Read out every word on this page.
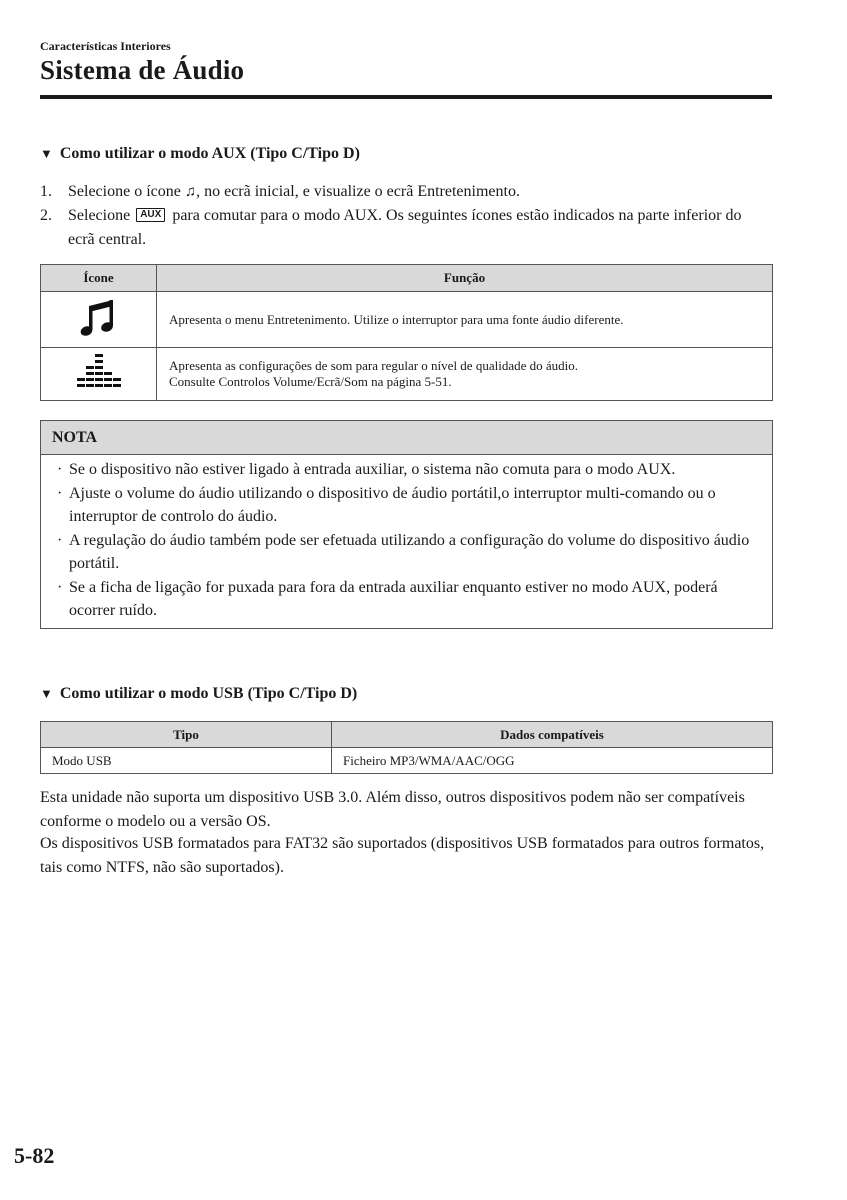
Características Interiores
Sistema de Áudio
▼ Como utilizar o modo AUX (Tipo C/Tipo D)
1.	Selecione o ícone ♫, no ecrã inicial, e visualize o ecrã Entretenimento.
2.	Selecione AUX para comutar para o modo AUX. Os seguintes ícones estão indicados na parte inferior do ecrã central.
Ícone	Função
	Apresenta o menu Entretenimento. Utilize o interruptor para uma fonte áudio diferente.

Apresenta as configurações de som para regular o nível de qualidade do áudio.
Consulte Controlos Volume/Ecrã/Som na página 5-51.
NOTA
· Se o dispositivo não estiver ligado à entrada auxiliar, o sistema não comuta para o modo AUX.
· Ajuste o volume do áudio utilizando o dispositivo de áudio portátil,o interruptor multi-comando ou o interruptor de controlo do áudio.
· A regulação do áudio também pode ser efetuada utilizando a configuração do volume do dispositivo áudio portátil.
· Se a ficha de ligação for puxada para fora da entrada auxiliar enquanto estiver no modo AUX, poderá ocorrer ruído.
▼ Como utilizar o modo USB (Tipo C/Tipo D)
Tipo	Dados compatíveis
Modo USB	Ficheiro MP3/WMA/AAC/OGG
Esta unidade não suporta um dispositivo USB 3.0. Além disso, outros dispositivos podem não ser compatíveis conforme o modelo ou a versão OS.
Os dispositivos USB formatados para FAT32 são suportados (dispositivos USB formatados para outros formatos, tais como NTFS, não são suportados).
5-82
